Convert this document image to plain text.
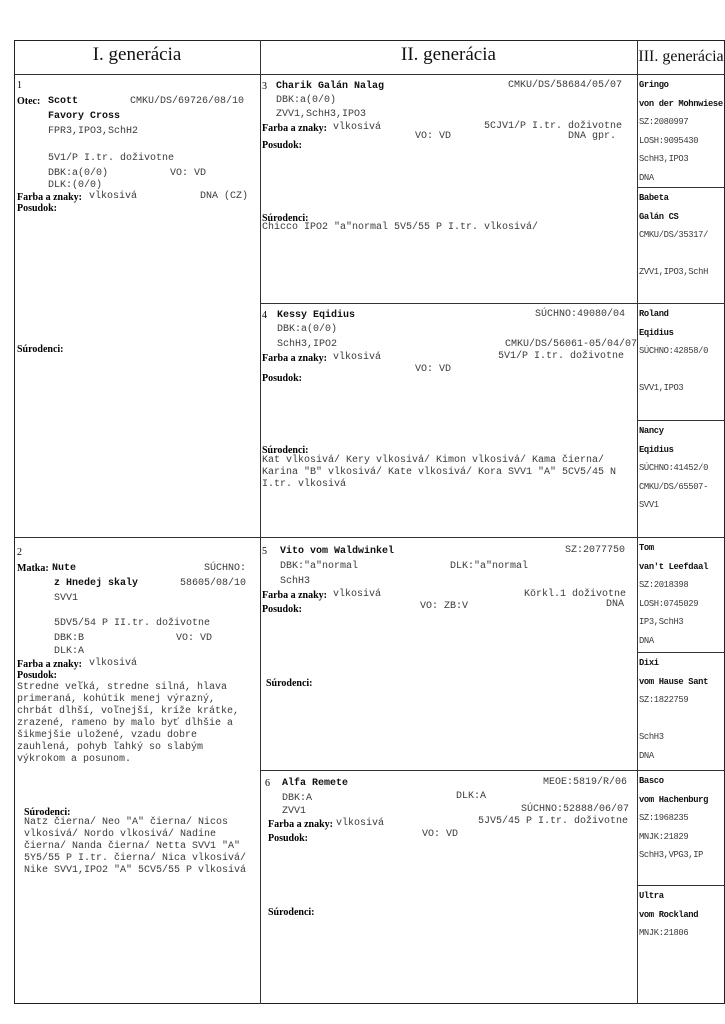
I. generácia	II. generácia	III. generácia
1
Otec: Scott	CMKU/DS/69726/08/10
Favory Cross
FPR3,IPO3,SchH2
5V1/P I.tr. doživotne
DBK:a(0/0)	VO: VD
DLK:(0/0)
Farba a znaky: vlkosivá	DNA (CZ)
Posudok:
Súrodenci:
2
Matka: Nute	SÚCHNO:
z Hnedej skaly	58605/08/10
SVV1
5DV5/54 P II.tr. doživotne
DBK:B	VO: VD
DLK:A
Farba a znaky: vlkosivá
Posudok:
Stredne veľká, stredne silná, hlava
primeraná, kohútik menej výrazný,
chrbát dlhší, voľnejší, kríže krátke,
zrazené, rameno by malo byť dlhšie a
šikmejšie uložené, vzadu dobre
zauhlená, pohyb ľahký so slabým
výkrokom a posunom.
Súrodenci:
Natz čierna/ Neo "A" čierna/ Nicos
vlkosivá/ Nordo vlkosivá/ Nadine
čierna/ Nanda čierna/ Netta SVV1 "A"
5Y5/55 P I.tr. čierna/ Nica vlkosivá/
Nike SVV1,IPO2 "A" 5CV5/55 P vlkosivá
3 Charik Galán Nalag	CMKU/DS/58684/05/07
DBK:a(0/0)
ZVV1,SchH3,IPO3
Farba a znaky: vlkosivá	5CJV1/P I.tr. doživotne
VO: VD	DNA gpr.
Posudok:
Súrodenci:
Chicco IPO2 "a"normal 5V5/55 P I.tr. vlkosivá/
4 Kessy Eqidius	SÚCHNO:49080/04
DBK:a(0/0)
SchH3,IPO2	CMKU/DS/56061-05/04/07
Farba a znaky: vlkosivá	5V1/P I.tr. doživotne
VO: VD
Posudok:
Súrodenci:
Kat vlkosivá/ Kery vlkosivá/ Kimon vlkosivá/ Kama čierna/
Karina "B" vlkosivá/ Kate vlkosivá/ Kora SVV1 "A" 5CV5/45 N
I.tr. vlkosivá
5 Vito vom Waldwinkel	SZ:2077750
DBK:"a"normal	DLK:"a"normal
SchH3
Farba a znaky: vlkosivá	Körkl.1 doživotne
VO: ZB:V	DNA
Posudok:
Súrodenci:
6 Alfa Remete	MEOE:5819/R/06
DBK:A	DLK:A
ZVV1	SÚCHNO:52888/06/07
Farba a znaky: vlkosivá	5JV5/45 P I.tr. doživotne
VO: VD
Posudok:
Súrodenci:
Gringo
von der Mohnwiese
SZ:2080997
LOSH:9095430
SchH3,IPO3
DNA
Babeta
Galán CS
CMKU/DS/35317/
ZVV1,IPO3,SchH
Roland
Eqidius
SÚCHNO:42858/0
SVV1,IPO3
Nancy
Eqidius
SÚCHNO:41452/0
CMKU/DS/65507-
SVV1
Tom
van't Leefdaal
SZ:2018398
LOSH:0745029
IP3,SchH3
DNA
Dixi
vom Hause Sant
SZ:1822759
SchH3
DNA
Basco
vom Hachenburg
SZ:1968235
MNJK:21829
SchH3,VPG3,IP
Ultra
vom Rockland
MNJK:21806
